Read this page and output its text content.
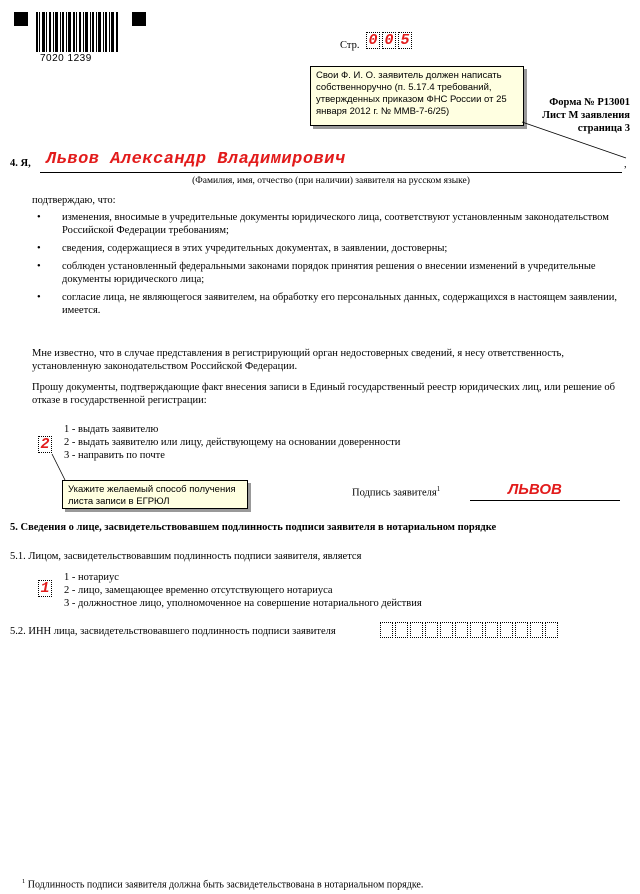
7020 1239
Стр. 0 0 5
Свои Ф. И. О. заявитель должен написать собственноручно (п. 5.17.4 требований, утвержденных приказом ФНС России от 25 января 2012 г. № ММВ-7-6/25)
Форма № Р13001
Лист М заявления
страница 3
4. Я, Львов Александр Владимирович	,
(Фамилия, имя, отчество (при наличии) заявителя на русском языке)
подтверждаю, что:
• изменения, вносимые в учредительные документы юридического лица, соответствуют установленным законодательством Российской Федерации требованиям;
• сведения, содержащиеся в этих учредительных документах, в заявлении, достоверны;
• соблюден установленный федеральными законами порядок принятия решения о внесении изменений в учредительные документы юридического лица;
• согласие лица, не являющегося заявителем, на обработку его персональных данных, содержащихся в настоящем заявлении, имеется.
Мне известно, что в случае представления в регистрирующий орган недостоверных сведений, я несу ответственность, установленную законодательством Российской Федерации.
Прошу документы, подтверждающие факт внесения записи в Единый государственный реестр юридических лиц, или решение об отказе в государственной регистрации:
2
1 - выдать заявителю
2 - выдать заявителю или лицу, действующему на основании доверенности
3 - направить по почте
Укажите желаемый способ получения листа записи в ЕГРЮЛ
Подпись заявителя$^1$	ЛЬВОВ
5. Сведения о лице, засвидетельствовавшем подлинность подписи заявителя в нотариальном порядке
5.1. Лицом, засвидетельствовавшим подлинность подписи заявителя, является
1
1 - нотариус
2 - лицо, замещающее временно отсутствующего нотариуса
3 - должностное лицо, уполномоченное на совершение нотариального действия
5.2. ИНН лица, засвидетельствовавшего подлинность подписи заявителя
$^1$ Подлинность подписи заявителя должна быть засвидетельствована в нотариальном порядке.
